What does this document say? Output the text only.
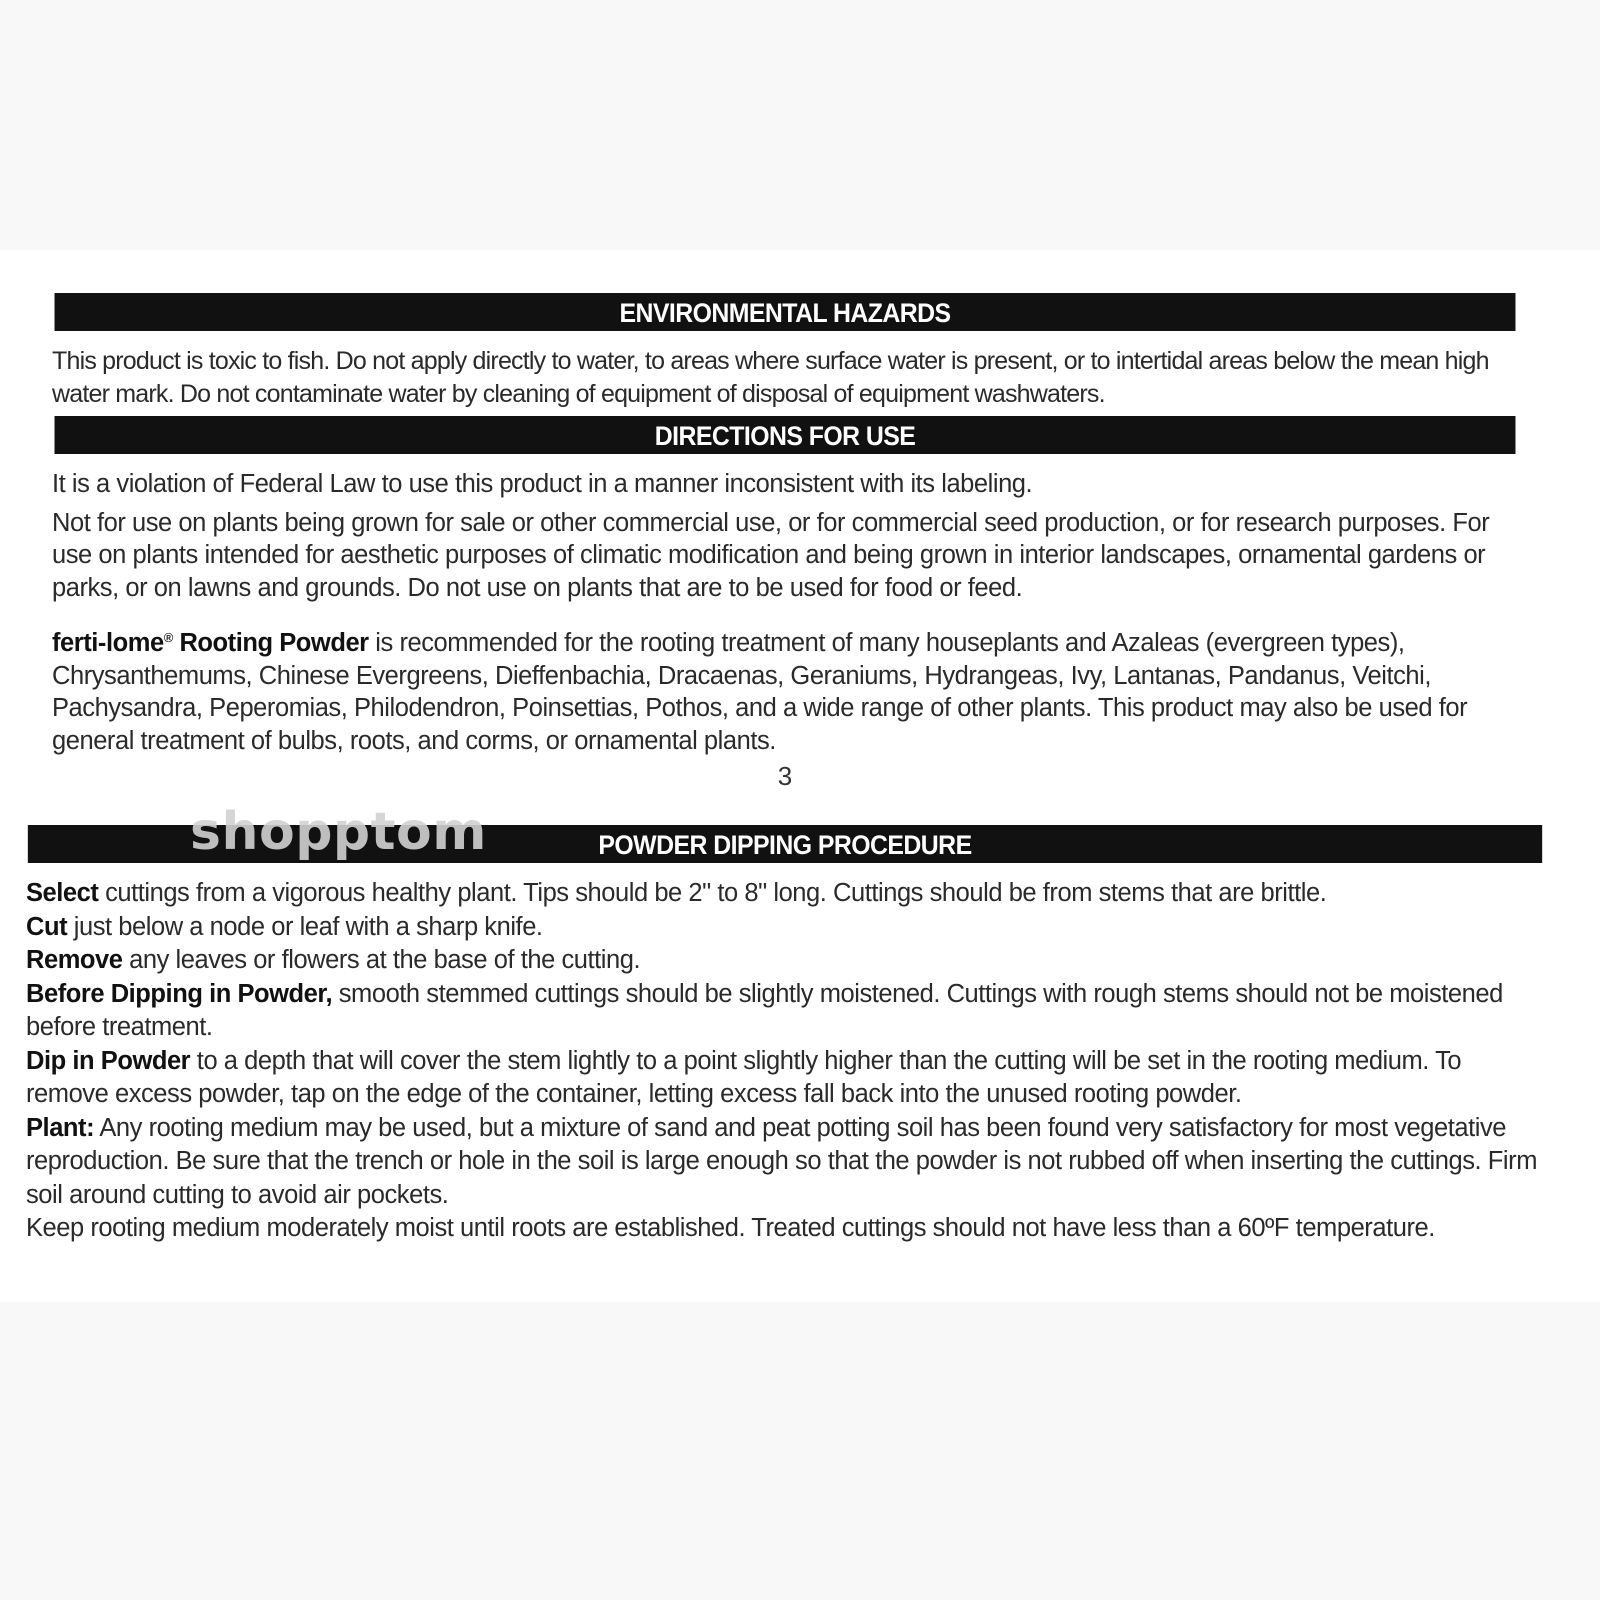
ENVIRONMENTAL HAZARDS

This product is toxic to fish. Do not apply directly to water, to areas where surface water is present, or to intertidal areas below the mean high water mark. Do not contaminate water by cleaning of equipment of disposal of equipment washwaters.

DIRECTIONS FOR USE

It is a violation of Federal Law to use this product in a manner inconsistent with its labeling.

Not for use on plants being grown for sale or other commercial use, or for commercial seed production, or for research purposes. For use on plants intended for aesthetic purposes of climatic modification and being grown in interior landscapes, ornamental gardens or parks, or on lawns and grounds. Do not use on plants that are to be used for food or feed.

ferti-lome® Rooting Powder is recommended for the rooting treatment of many houseplants and Azaleas (evergreen types), Chrysanthemums, Chinese Evergreens, Dieffenbachia, Dracaenas, Geraniums, Hydrangeas, Ivy, Lantanas, Pandanus, Veitchi, Pachysandra, Peperomias, Philodendron, Poinsettias, Pothos, and a wide range of other plants. This product may also be used for general treatment of bulbs, roots, and corms, or ornamental plants.

3
POWDER DIPPING PROCEDURE

Select cuttings from a vigorous healthy plant. Tips should be 2" to 8" long. Cuttings should be from stems that are brittle.

Cut just below a node or leaf with a sharp knife.

Remove any leaves or flowers at the base of the cutting.

Before Dipping in Powder, smooth stemmed cuttings should be slightly moistened. Cuttings with rough stems should not be moistened before treatment.

Dip in Powder to a depth that will cover the stem lightly to a point slightly higher than the cutting will be set in the rooting medium. To remove excess powder, tap on the edge of the container, letting excess fall back into the unused rooting powder.

Plant: Any rooting medium may be used, but a mixture of sand and peat potting soil has been found very satisfactory for most vegetative reproduction. Be sure that the trench or hole in the soil is large enough so that the powder is not rubbed off when inserting the cuttings. Firm soil around cutting to avoid air pockets.

Keep rooting medium moderately moist until roots are established. Treated cuttings should not have less than a 60ºF temperature.

shopptom
